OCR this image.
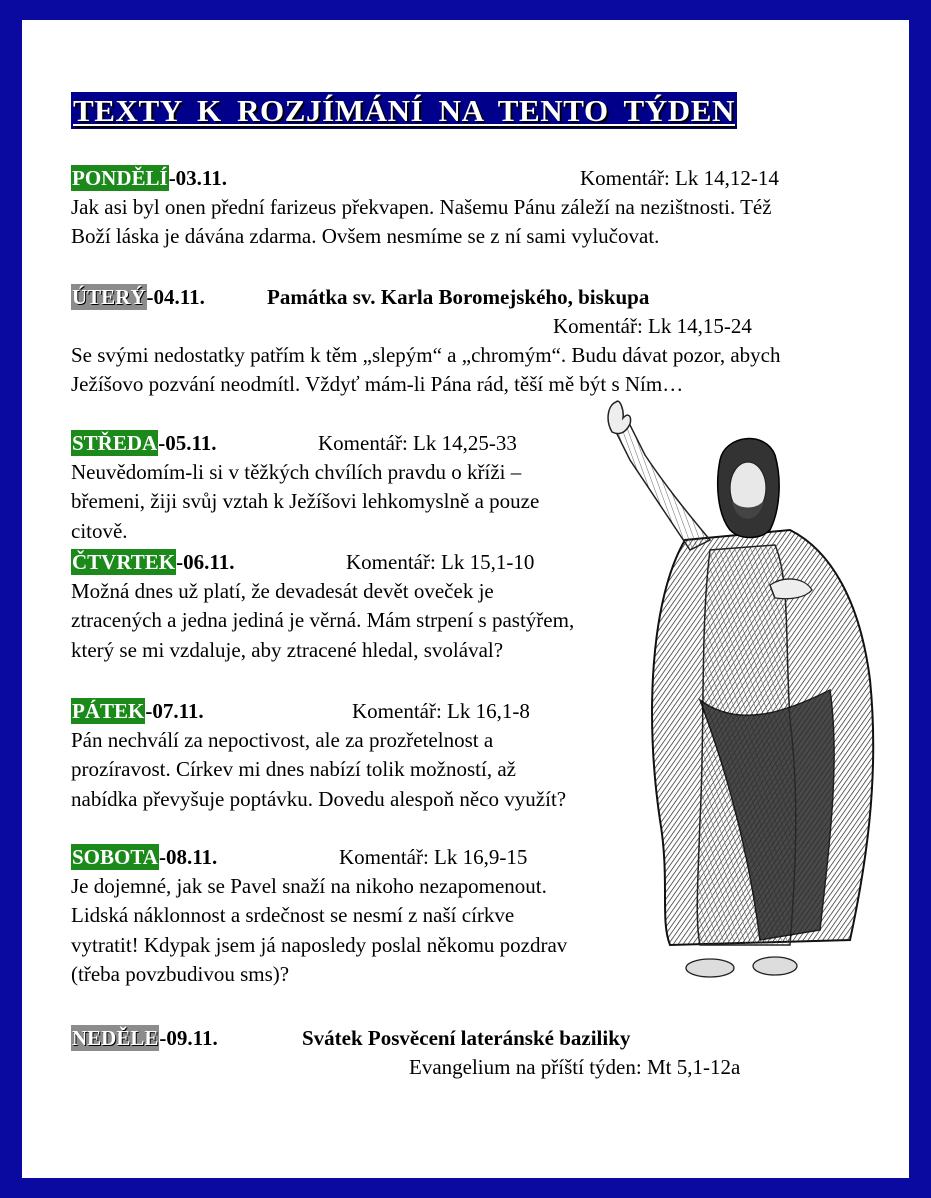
TEXTY K ROZJÍMÁNÍ NA TENTO TÝDEN
PONDĚLÍ-03.11.	Komentář: Lk 14,12-14
Jak asi byl onen přední farizeus překvapen. Našemu Pánu záleží na nezištnosti. Též Boží láska je dávána zdarma. Ovšem nesmíme se z ní sami vylučovat.
ÚTERÝ-04.11.	Památka sv. Karla Boromejského, biskupa
Komentář: Lk 14,15-24
Se svými nedostatky patřím k těm „slepým“ a „chromým“. Budu dávat pozor, abych Ježíšovo pozvání neodmítl. Vždyť mám-li Pána rád, těší mě být s Ním…
STŘEDA-05.11.	Komentář: Lk 14,25-33
Neuvědomím-li si v těžkých chvílích pravdu o kříži – břemeni, žiji svůj vztah k Ježíšovi lehkomyslně a pouze citově.
ČTVRTEK-06.11.	Komentář: Lk 15,1-10
Možná dnes už platí, že devadesát devět oveček je ztracených a jedna jediná je věrná. Mám strpení s pastýřem, který se mi vzdaluje, aby ztracené hledal, svolával?
PÁTEK-07.11.	Komentář: Lk 16,1-8
Pán nechválí za nepoctivost, ale za prozřetelnost a prozíravost. Církev mi dnes nabízí tolik možností, až nabídka převyšuje poptávku. Dovedu alespoň něco využít?
SOBOTA-08.11.	Komentář: Lk 16,9-15
Je dojemné, jak se Pavel snaží na nikoho nezapomenout. Lidská náklonnost a srdečnost se nesmí z naší církve vytratit! Kdypak jsem já naposledy poslal někomu pozdrav (třeba povzbudivou sms)?
NEDĚLE-09.11.	Svátek Posvěcení lateránské baziliky
Evangelium na příští týden: Mt 5,1-12a
